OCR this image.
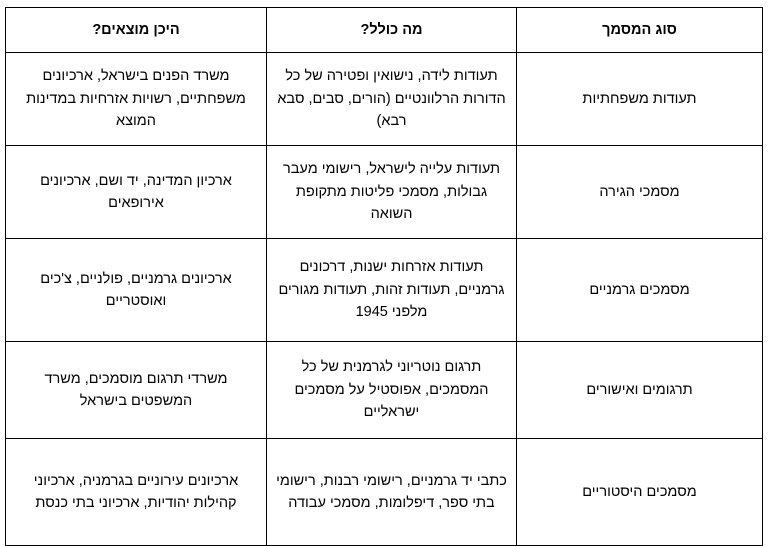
סוג המסמך	מה כולל?	היכן מוצאים?

תעודות משפחתיות	תעודות לידה, נישואין ופטירה של כל הדורות הרלוונטיים (הורים, סבים, סבא רבא)	משרד הפנים בישראל, ארכיונים משפחתיים, רשויות אזרחיות במדינות המוצא

מסמכי הגירה	תעודות עלייה לישראל, רישומי מעבר גבולות, מסמכי פליטות מתקופת השואה	ארכיון המדינה, יד ושם, ארכיונים אירופאים

מסמכים גרמניים	תעודות אזרחות ישנות, דרכונים גרמניים, תעודות זהות, תעודות מגורים מלפני 1945	ארכיונים גרמניים, פולניים, צ'כים ואוסטריים

תרגומים ואישורים	תרגום נוטריוני לגרמנית של כל המסמכים, אפוסטיל על מסמכים ישראליים	משרדי תרגום מוסמכים, משרד המשפטים בישראל

מסמכים היסטוריים	כתבי יד גרמניים, רישומי רבנות, רישומי בתי ספר, דיפלומות, מסמכי עבודה	ארכיונים עירוניים בגרמניה, ארכיוני קהילות יהודיות, ארכיוני בתי כנסת
